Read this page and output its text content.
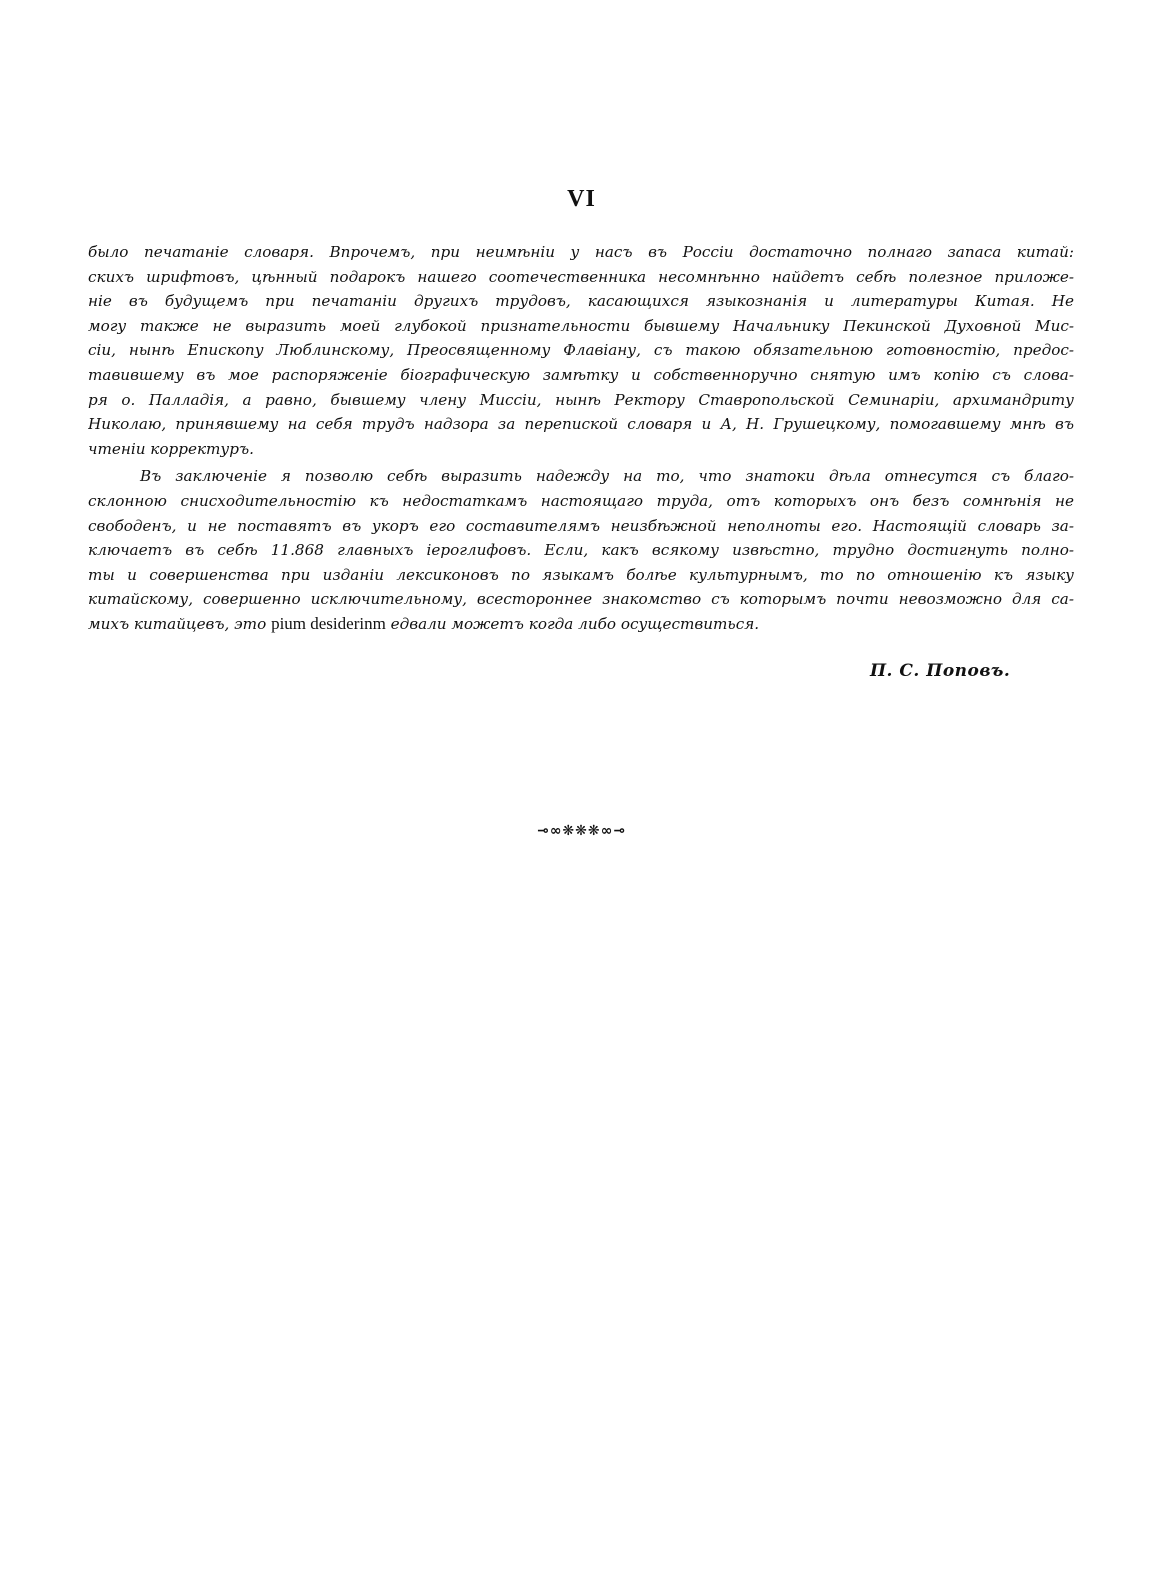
VI
было печатаніе словаря. Впрочемъ, при неимѣніи у насъ въ Россіи достаточно полнаго запаса китай:
скихъ шрифтовъ, цѣнный подарокъ нашего соотечественника несомнѣнно найдетъ себѣ полезное приложе-
ніе въ будущемъ при печатаніи другихъ трудовъ, касающихся языкознанія и литературы Китая. Не
могу также не выразить моей глубокой признательности бывшему Начальнику Пекинской Духовной Мис-
сіи, нынѣ Епископу Люблинскому, Преосвященному Флавіану, съ такою обязательною готовностію, предос-
тавившему въ мое распоряженіе біографическую замѣтку и собственноручно снятую имъ копію съ слова-
ря о. Палладія, а равно, бывшему члену Миссіи, нынѣ Ректору Ставропольской Семинаріи, архимандриту
Николаю, принявшему на себя трудъ надзора за перепиской словаря и А, Н. Грушецкому, помогавшему мнѣ въ
чтеніи корректуръ.
Въ заключеніе я позволю себѣ выразить надежду на то, что знатоки дѣла отнесутся съ благо-
склонною снисходительностію къ недостаткамъ настоящаго труда, отъ которыхъ онъ безъ сомнѣнія не
свободенъ, и не поставятъ въ укоръ его составителямъ неизбѣжной неполноты его. Настоящій словарь за-
ключаетъ въ себѣ 11.868 главныхъ іероглифовъ. Если, какъ всякому извѣстно, трудно достигнуть полно-
ты и совершенства при изданіи лексиконовъ по языкамъ болѣе культурнымъ, то по отношенію къ языку
китайскому, совершенно исключительному, всестороннее знакомство съ которымъ почти невозможно для са-
михъ китайцевъ, это pium desiderinm едвали можетъ когда либо осуществиться.
П. С. Поповъ.
⊸∞❋❋❋∞⊸
